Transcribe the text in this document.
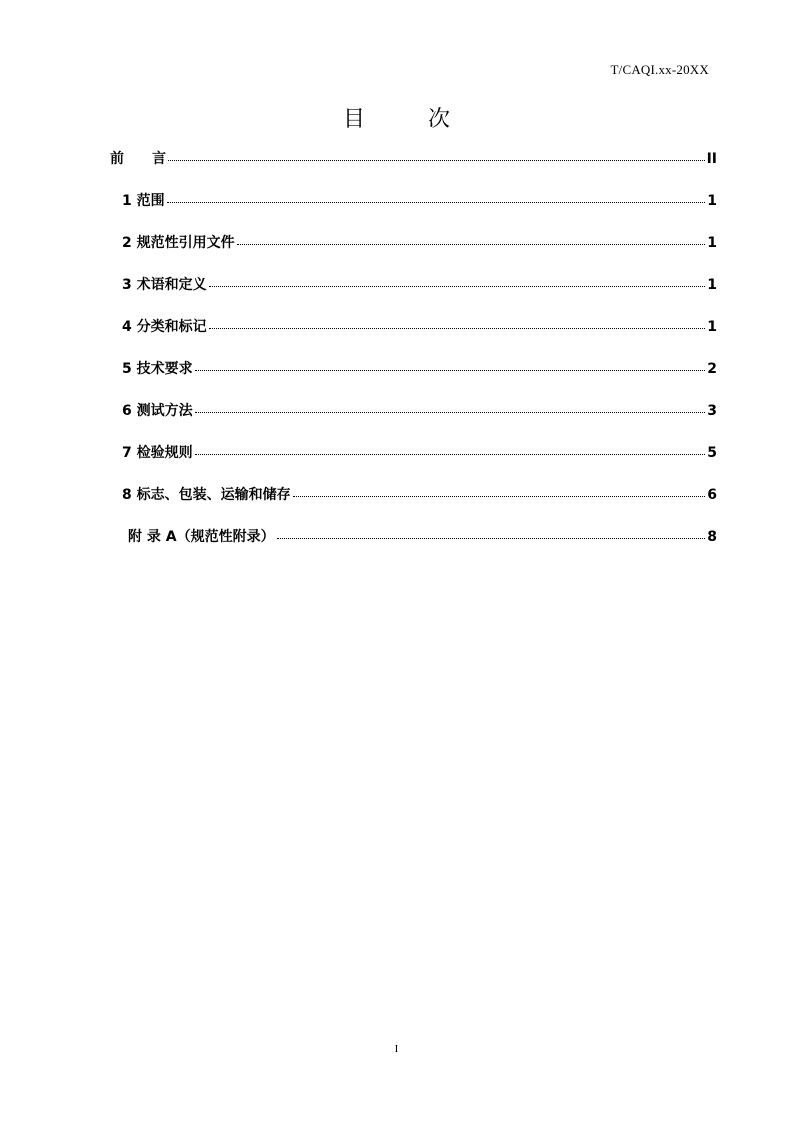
T/CAQI.xx-20XX
目 次
前　　言	II
1 范围	1
2 规范性引用文件	1
3 术语和定义	1
4 分类和标记	1
5 技术要求	2
6 测试方法	3
7 检验规则	5
8 标志、包装、运输和储存	6
附 录 A（规范性附录）	8
I
